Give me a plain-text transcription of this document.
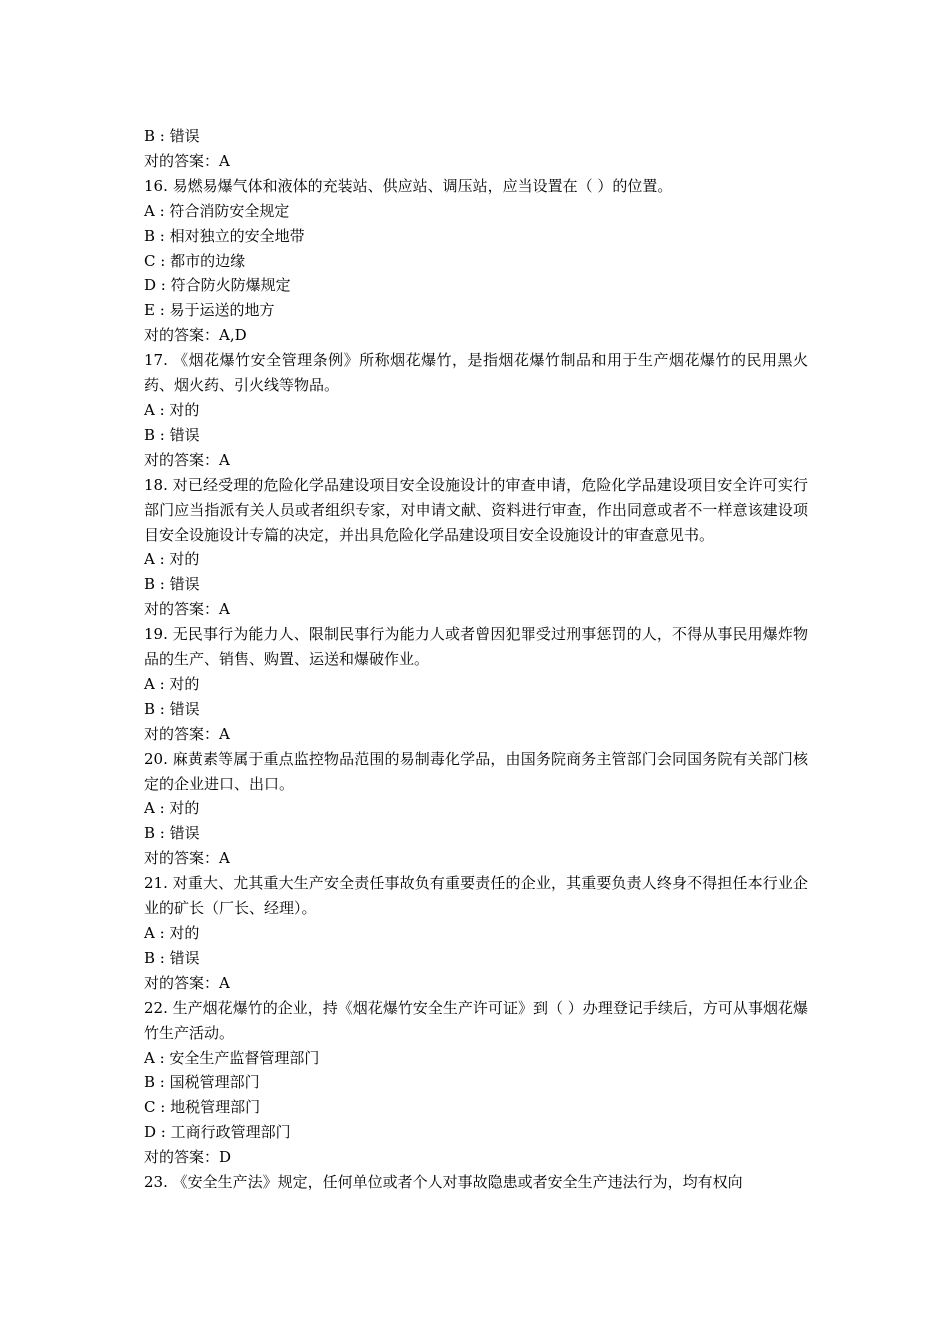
B : 错误
对的答案：A
16. 易燃易爆气体和液体的充装站、供应站、调压站，应当设置在（ ）的位置。
A : 符合消防安全规定
B : 相对独立的安全地带
C : 都市的边缘
D : 符合防火防爆规定
E : 易于运送的地方
对的答案：A,D
17. 《烟花爆竹安全管理条例》所称烟花爆竹，是指烟花爆竹制品和用于生产烟花爆竹的民用黑火药、烟火药、引火线等物品。
A : 对的
B : 错误
对的答案：A
18. 对已经受理的危险化学品建设项目安全设施设计的审查申请，危险化学品建设项目安全许可实行部门应当指派有关人员或者组织专家，对申请文献、资料进行审查，作出同意或者不一样意该建设项目安全设施设计专篇的决定，并出具危险化学品建设项目安全设施设计的审查意见书。
A : 对的
B : 错误
对的答案：A
19. 无民事行为能力人、限制民事行为能力人或者曾因犯罪受过刑事惩罚的人，不得从事民用爆炸物品的生产、销售、购置、运送和爆破作业。
A : 对的
B : 错误
对的答案：A
20. 麻黄素等属于重点监控物品范围的易制毒化学品，由国务院商务主管部门会同国务院有关部门核定的企业进口、出口。
A : 对的
B : 错误
对的答案：A
21. 对重大、尤其重大生产安全责任事故负有重要责任的企业，其重要负责人终身不得担任本行业企业的矿长（厂长、经理）。
A : 对的
B : 错误
对的答案：A
22. 生产烟花爆竹的企业，持《烟花爆竹安全生产许可证》到（ ）办理登记手续后，方可从事烟花爆竹生产活动。
A : 安全生产监督管理部门
B : 国税管理部门
C : 地税管理部门
D : 工商行政管理部门
对的答案：D
23. 《安全生产法》规定，任何单位或者个人对事故隐患或者安全生产违法行为，均有权向
